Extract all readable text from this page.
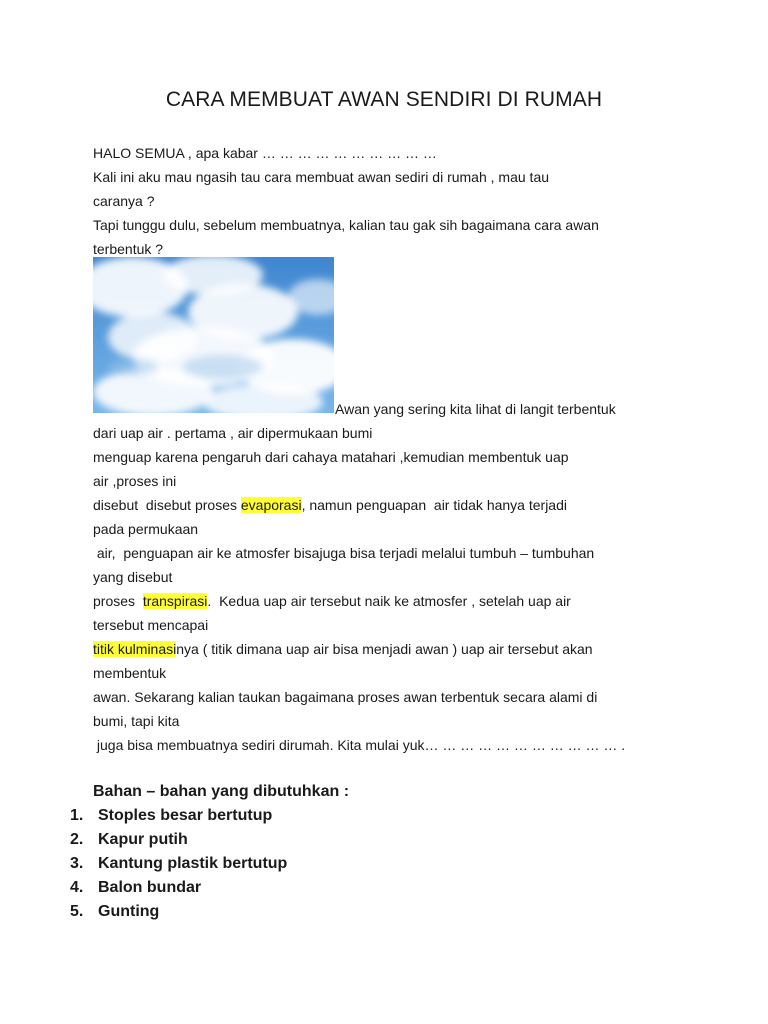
CARA MEMBUAT AWAN SENDIRI DI RUMAH
HALO SEMUA , apa kabar … … … … … … … … … …
Kali ini aku mau ngasih tau cara membuat awan sediri di rumah , mau tau
caranya ?
Tapi tunggu dulu, sebelum membuatnya, kalian tau gak sih bagaimana cara awan
terbentuk ?
Awan yang sering kita lihat di langit terbentuk
dari uap air . pertama , air dipermukaan bumi
menguap karena pengaruh dari cahaya matahari ,kemudian membentuk uap
air ,proses ini
disebut  disebut proses evaporasi, namun penguapan  air tidak hanya terjadi
pada permukaan
air,  penguapan air ke atmosfer bisajuga bisa terjadi melalui tumbuh – tumbuhan
yang disebut
proses  transpirasi.  Kedua uap air tersebut naik ke atmosfer , setelah uap air
tersebut mencapai
titik kulminasinya ( titik dimana uap air bisa menjadi awan ) uap air tersebut akan
membentuk
awan. Sekarang kalian taukan bagaimana proses awan terbentuk secara alami di
bumi, tapi kita
juga bisa membuatnya sediri dirumah. Kita mulai yuk… … … … … … … … … … … .
Bahan – bahan yang dibutuhkan :
1. Stoples besar bertutup
2. Kapur putih
3. Kantung plastik bertutup
4. Balon bundar
5. Gunting
